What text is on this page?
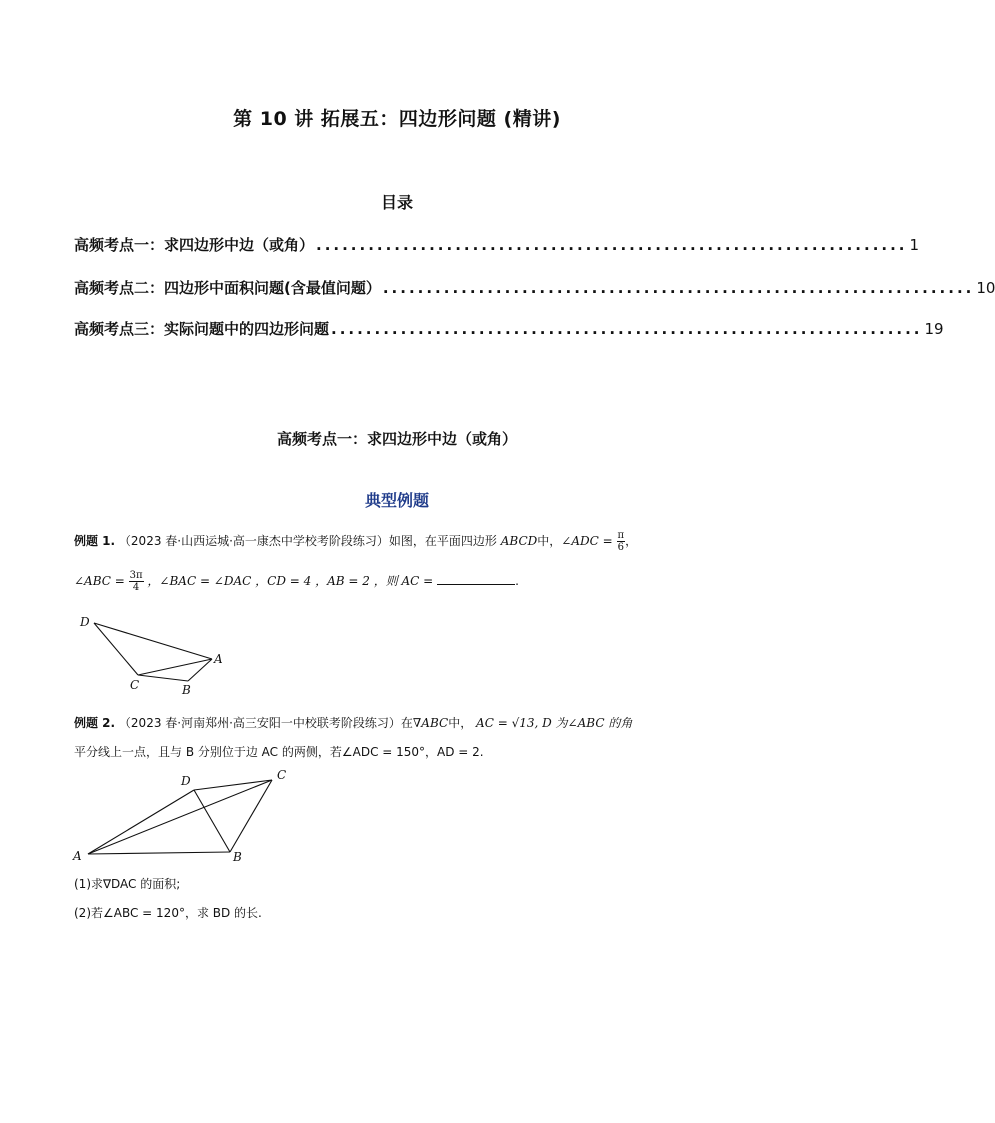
第 10 讲 拓展五：四边形问题 (精讲)
目录
高频考点一：求四边形中边（或角） .................................................................... 1
高频考点二：四边形中面积问题(含最值问题） .................................................................... 10
高频考点三：实际问题中的四边形问题 .................................................................... 19
高频考点一：求四边形中边（或角）
典型例题
例题 1. （2023 春·山西运城·高一康杰中学校考阶段练习）如图，在平面四边形 ABCD中，∠ADC = $\frac{\pi}{6}$ ，
∠ABC = $\frac{3\pi}{4}$ ，∠BAC = ∠DAC ，CD = 4 ，AB = 2 ，则 AC =	.
D
A
C	B
例题 2. （2023 春·河南郑州·高三安阳一中校联考阶段练习）在∇ABC中， AC = √13, D 为∠ABC 的角
平分线上一点，且与 B 分别位于边 AC 的两侧，若∠ADC = 150°，AD = 2.
D	C
A	B
(1)求∇DAC 的面积;
(2)若∠ABC = 120°，求 BD 的长.
